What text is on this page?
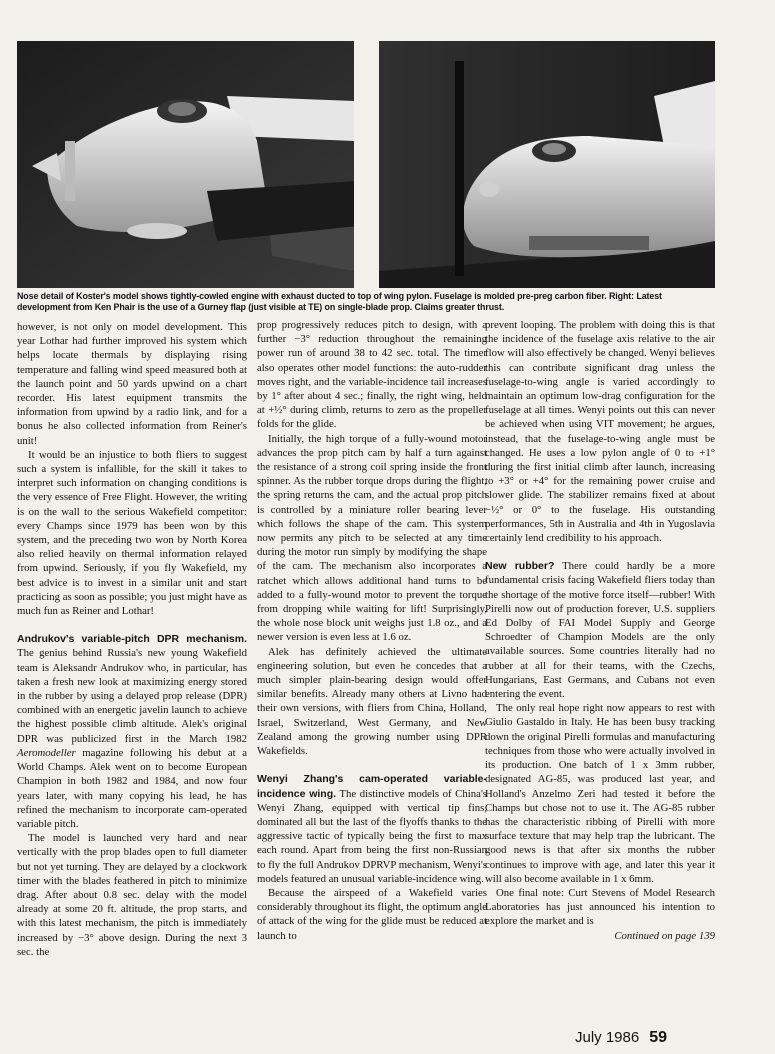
Nose detail of Koster's model shows tightly-cowled engine with exhaust ducted to top of wing pylon. Fuselage is molded pre-preg carbon fiber. Right: Latest development from Ken Phair is the use of a Gurney flap (just visible at TE) on single-blade prop. Claims greater thrust.

however, is not only on model development. This year Lothar had further improved his system which helps locate thermals by displaying rising temperature and falling wind speed measured both at the launch point and 50 yards upwind on a chart recorder. His latest equipment transmits the information from upwind by a radio link, and for a bonus he also collected information from Reiner's unit!

It would be an injustice to both fliers to suggest such a system is infallible, for the skill it takes to interpret such information on changing conditions is the very essence of Free Flight. However, the writing is on the wall to the serious Wakefield competitor: every Champs since 1979 has been won by this system, and the preceding two won by North Korea also relied heavily on thermal information relayed from upwind. Seriously, if you fly Wakefield, my best advice is to invest in a similar unit and start practicing as soon as possible; you just might have as much fun as Reiner and Lothar!

Andrukov's variable-pitch DPR mechanism. The genius behind Russia's new young Wakefield team is Aleksandr Andrukov who, in particular, has taken a fresh new look at maximizing energy stored in the rubber by using a delayed prop release (DPR) combined with an energetic javelin launch to achieve the highest possible climb altitude. Alek's original DPR was publicized first in the March 1982 Aeromodeller magazine following his debut at a World Champs. Alek went on to become European Champion in both 1982 and 1984, and now four years later, with many copying his lead, he has refined the mechanism to incorporate cam-operated variable pitch.

The model is launched very hard and near vertically with the prop blades open to full diameter but not yet turning. They are delayed by a clockwork timer with the blades feathered in pitch to minimize drag. After about 0.8 sec. delay with the model already at some 20 ft. altitude, the prop starts, and with this latest mechanism, the pitch is immediately increased by −3° above design. During the next 3 sec. the

prop progressively reduces pitch to design, with a further −3° reduction throughout the remaining power run of around 38 to 42 sec. total. The timer also operates other model functions: the auto-rudder moves right, and the variable-incidence tail increases by 1° after about 4 sec.; finally, the right wing, held at +½° during climb, returns to zero as the propeller folds for the glide.

Initially, the high torque of a fully-wound motor advances the prop pitch cam by half a turn against the resistance of a strong coil spring inside the front spinner. As the rubber torque drops during the flight, the spring returns the cam, and the actual prop pitch is controlled by a miniature roller bearing lever which follows the shape of the cam. This system now permits any pitch to be selected at any time during the motor run simply by modifying the shape of the cam. The mechanism also incorporates a ratchet which allows additional hand turns to be added to a fully-wound motor to prevent the torque from dropping while waiting for lift! Surprisingly, the whole nose block unit weighs just 1.8 oz., and a newer version is even less at 1.6 oz.

Alek has definitely achieved the ultimate engineering solution, but even he concedes that a much simpler plain-bearing design would offer similar benefits. Already many others at Livno had their own versions, with fliers from China, Holland, Israel, Switzerland, West Germany, and New Zealand among the growing number using DPR Wakefields.

Wenyi Zhang's cam-operated variable-incidence wing. The distinctive models of China's Wenyi Zhang, equipped with vertical tip fins, dominated all but the last of the flyoffs thanks to the aggressive tactic of typically being the first to max each round. Apart from being the first non-Russian to fly the full Andrukov DPRVP mechanism, Wenyi's models featured an unusual variable-incidence wing.

Because the airspeed of a Wakefield varies considerably throughout its flight, the optimum angle of attack of the wing for the glide must be reduced at launch to

prevent looping. The problem with doing this is that the incidence of the fuselage axis relative to the air flow will also effectively be changed. Wenyi believes this can contribute significant drag unless the fuselage-to-wing angle is varied accordingly to maintain an optimum low-drag configuration for the fuselage at all times. Wenyi points out this can never be achieved when using VIT movement; he argues, instead, that the fuselage-to-wing angle must be changed. He uses a low pylon angle of 0 to +1° during the first initial climb after launch, increasing to +3° or +4° for the remaining power cruise and slower glide. The stabilizer remains fixed at about −½° or 0° to the fuselage. His outstanding performances, 5th in Australia and 4th in Yugoslavia certainly lend credibility to his approach.

New rubber? There could hardly be a more fundamental crisis facing Wakefield fliers today than the shortage of the motive force itself—rubber! With Pirelli now out of production forever, U.S. suppliers Ed Dolby of FAI Model Supply and George Schroedter of Champion Models are the only available sources. Some countries literally had no rubber at all for their teams, with the Czechs, Hungarians, East Germans, and Cubans not even entering the event.

The only real hope right now appears to rest with Giulio Gastaldo in Italy. He has been busy tracking down the original Pirelli formulas and manufacturing techniques from those who were actually involved in its production. One batch of 1 x 3mm rubber, designated AG-85, was produced last year, and Holland's Anzelmo Zeri had tested it before the Champs but chose not to use it. The AG-85 rubber has the characteristic ribbing of Pirelli with more surface texture that may help trap the lubricant. The good news is that after six months the rubber continues to improve with age, and later this year it will also become available in 1 x 6mm.

One final note: Curt Stevens of Model Research Laboratories has just announced his intention to explore the market and is

Continued on page 139
July 1986 59
